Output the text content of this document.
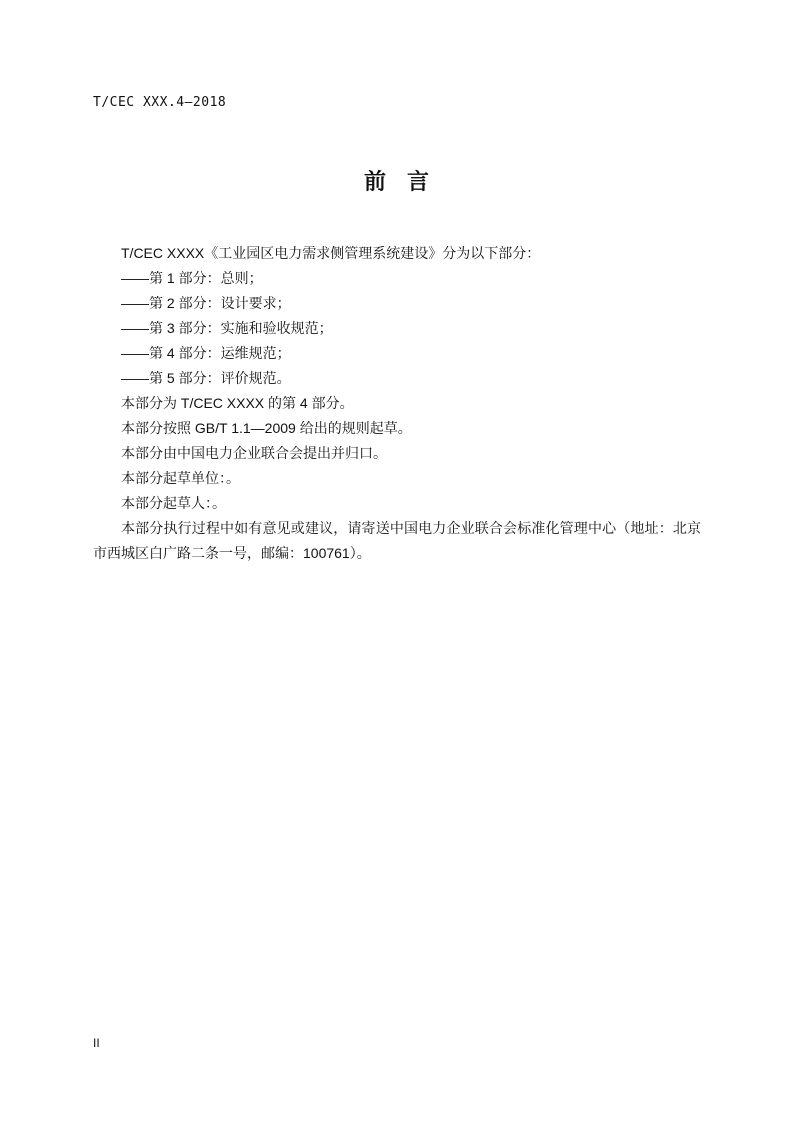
T/CEC XXX.4—2018
前 言

T/CEC XXXX《工业园区电力需求侧管理系统建设》分为以下部分：

——第 1 部分：总则；

——第 2 部分：设计要求；

——第 3 部分：实施和验收规范；

——第 4 部分：运维规范；

——第 5 部分：评价规范。

本部分为 T/CEC XXXX 的第 4 部分。

本部分按照 GB/T 1.1—2009 给出的规则起草。

本部分由中国电力企业联合会提出并归口。

本部分起草单位：。

本部分起草人：。

本部分执行过程中如有意见或建议，请寄送中国电力企业联合会标准化管理中心（地址：北京市西城区白广路二条一号，邮编：100761）。

II
